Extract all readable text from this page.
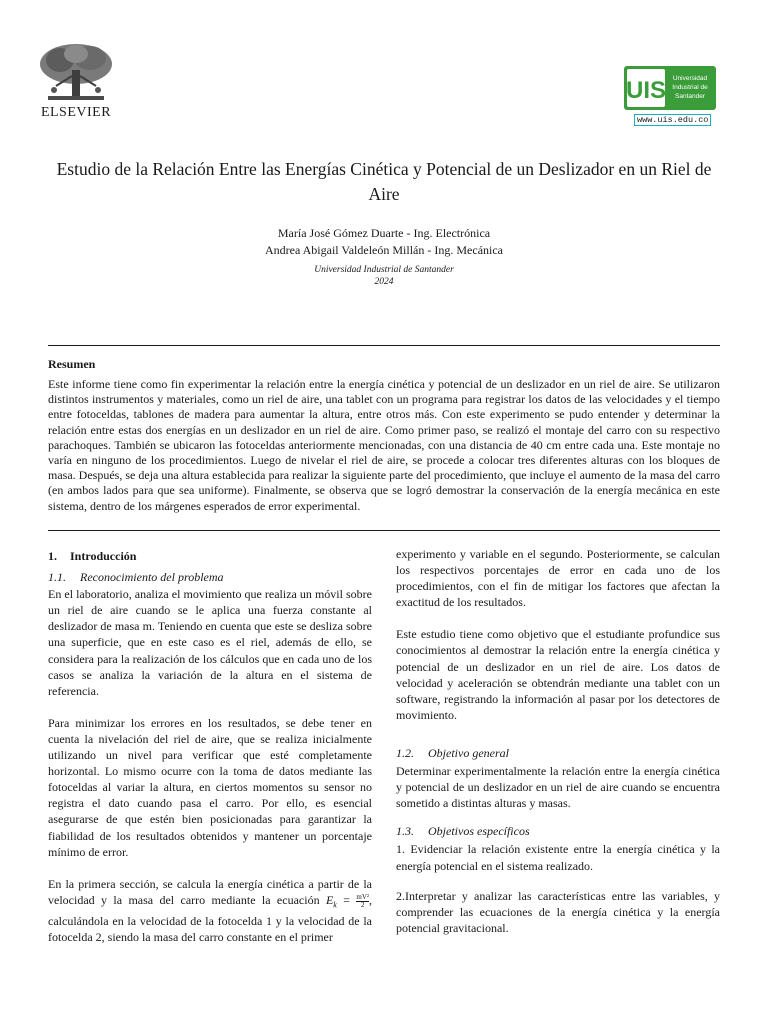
ELSEVIER
UIS Universidad
Industrial de
Santander
www.uis.edu.co
Estudio de la Relación Entre las Energías Cinética y Potencial de un Deslizador en un Riel de Aire
María José Gómez Duarte - Ing. Electrónica
Andrea Abigail Valdeleón Millán - Ing. Mecánica
Universidad Industrial de Santander
2024
Resumen
Este informe tiene como fin experimentar la relación entre la energía cinética y potencial de un deslizador en un riel de aire. Se utilizaron distintos instrumentos y materiales, como un riel de aire, una tablet con un programa para registrar los datos de las velocidades y el tiempo entre fotoceldas, tablones de madera para aumentar la altura, entre otros más. Con este experimento se pudo entender y determinar la relación entre estas dos energías en un deslizador en un riel de aire. Como primer paso, se realizó el montaje del carro con su respectivo parachoques. También se ubicaron las fotoceldas anteriormente mencionadas, con una distancia de 40 cm entre cada una. Este montaje no varía en ninguno de los procedimientos. Luego de nivelar el riel de aire, se procede a colocar tres diferentes alturas con los bloques de masa. Después, se deja una altura establecida para realizar la siguiente parte del procedimiento, que incluye el aumento de la masa del carro (en ambos lados para que sea uniforme). Finalmente, se observa que se logró demostrar la conservación de la energía mecánica en este sistema, dentro de los márgenes esperados de error experimental.
1. Introducción
1.1. Reconocimiento del problema

En el laboratorio, analiza el movimiento que realiza un móvil sobre un riel de aire cuando se le aplica una fuerza constante al deslizador de masa m. Teniendo en cuenta que este se desliza sobre una superficie, que en este caso es el riel, además de ello, se considera para la realización de los cálculos que en cada uno de los casos se analiza la variación de la altura en el sistema de referencia.

Para minimizar los errores en los resultados, se debe tener en cuenta la nivelación del riel de aire, que se realiza inicialmente utilizando un nivel para verificar que esté completamente horizontal. Lo mismo ocurre con la toma de datos mediante las fotoceldas al variar la altura, en ciertos momentos su sensor no registra el dato cuando pasa el carro. Por ello, es esencial asegurarse de que estén bien posicionadas para garantizar la fiabilidad de los resultados obtenidos y mantener un porcentaje mínimo de error.

En la primera sección, se calcula la energía cinética a partir de la velocidad y la masa del carro mediante la ecuación $E_k = \frac{\text{mV²}}{2}$ , calculándola en la velocidad de la fotocelda 1 y la velocidad de la fotocelda 2, siendo la masa del carro constante en el primer

experimento y variable en el segundo. Posteriormente, se calculan los respectivos porcentajes de error en cada uno de los procedimientos, con el fin de mitigar los factores que afectan la exactitud de los resultados.

Este estudio tiene como objetivo que el estudiante profundice sus conocimientos al demostrar la relación entre la energía cinética y potencial de un deslizador en un riel de aire. Los datos de velocidad y aceleración se obtendrán mediante una tablet con un software, registrando la información al pasar por los detectores de movimiento.

1.2. Objetivo general

Determinar experimentalmente la relación entre la energía cinética y potencial de un deslizador en un riel de aire cuando se encuentra sometido a distintas alturas y masas.

1.3. Objetivos específicos

1. Evidenciar la relación existente entre la energía cinética y la energía potencial en el sistema realizado.

2.Interpretar y analizar las características entre las variables, y comprender las ecuaciones de la energía cinética y la energía potencial gravitacional.
